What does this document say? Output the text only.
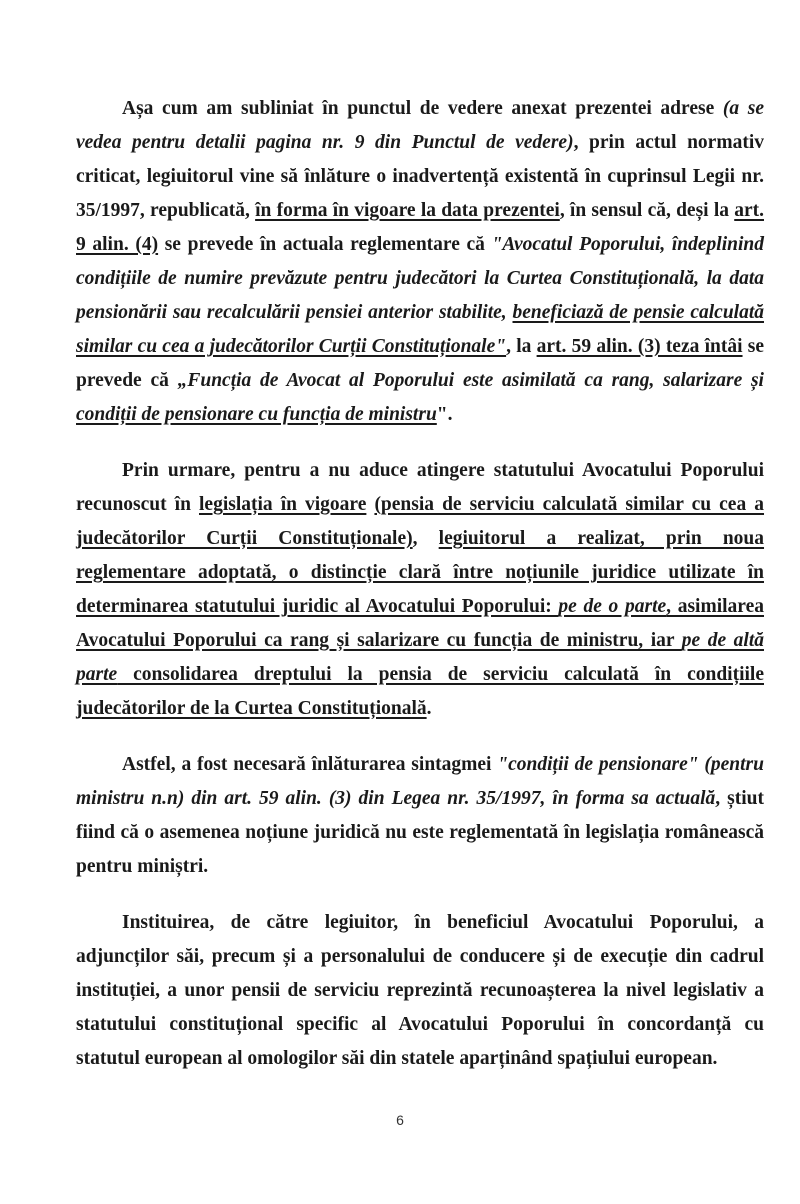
Așa cum am subliniat în punctul de vedere anexat prezentei adrese (a se vedea pentru detalii pagina nr. 9 din Punctul de vedere), prin actul normativ criticat, legiuitorul vine să înlăture o inadvertență existentă în cuprinsul Legii nr. 35/1997, republicată, în forma în vigoare la data prezentei, în sensul că, deși la art. 9 alin. (4) se prevede în actuala reglementare că "Avocatul Poporului, îndeplinind condițiile de numire prevăzute pentru judecători la Curtea Constituțională, la data pensionării sau recalculării pensiei anterior stabilite, beneficiază de pensie calculată similar cu cea a judecătorilor Curții Constituționale", la art. 59 alin. (3) teza întâi se prevede că „Funcția de Avocat al Poporului este asimilată ca rang, salarizare și condiții de pensionare cu funcția de ministru".

Prin urmare, pentru a nu aduce atingere statutului Avocatului Poporului recunoscut în legislația în vigoare (pensia de serviciu calculată similar cu cea a judecătorilor Curții Constituționale), legiuitorul a realizat, prin noua reglementare adoptată, o distincție clară între noțiunile juridice utilizate în determinarea statutului juridic al Avocatului Poporului: pe de o parte, asimilarea Avocatului Poporului ca rang și salarizare cu funcția de ministru, iar pe de altă parte consolidarea dreptului la pensia de serviciu calculată în condițiile judecătorilor de la Curtea Constituțională.

Astfel, a fost necesară înlăturarea sintagmei "condiții de pensionare" (pentru ministru n.n) din art. 59 alin. (3) din Legea nr. 35/1997, în forma sa actuală, știut fiind că o asemenea noțiune juridică nu este reglementată în legislația românească pentru miniștri.

Instituirea, de către legiuitor, în beneficiul Avocatului Poporului, a adjuncților săi, precum și a personalului de conducere și de execuție din cadrul instituției, a unor pensii de serviciu reprezintă recunoașterea la nivel legislativ a statutului constituțional specific al Avocatului Poporului în concordanță cu statutul european al omologilor săi din statele aparținând spațiului european.

6
